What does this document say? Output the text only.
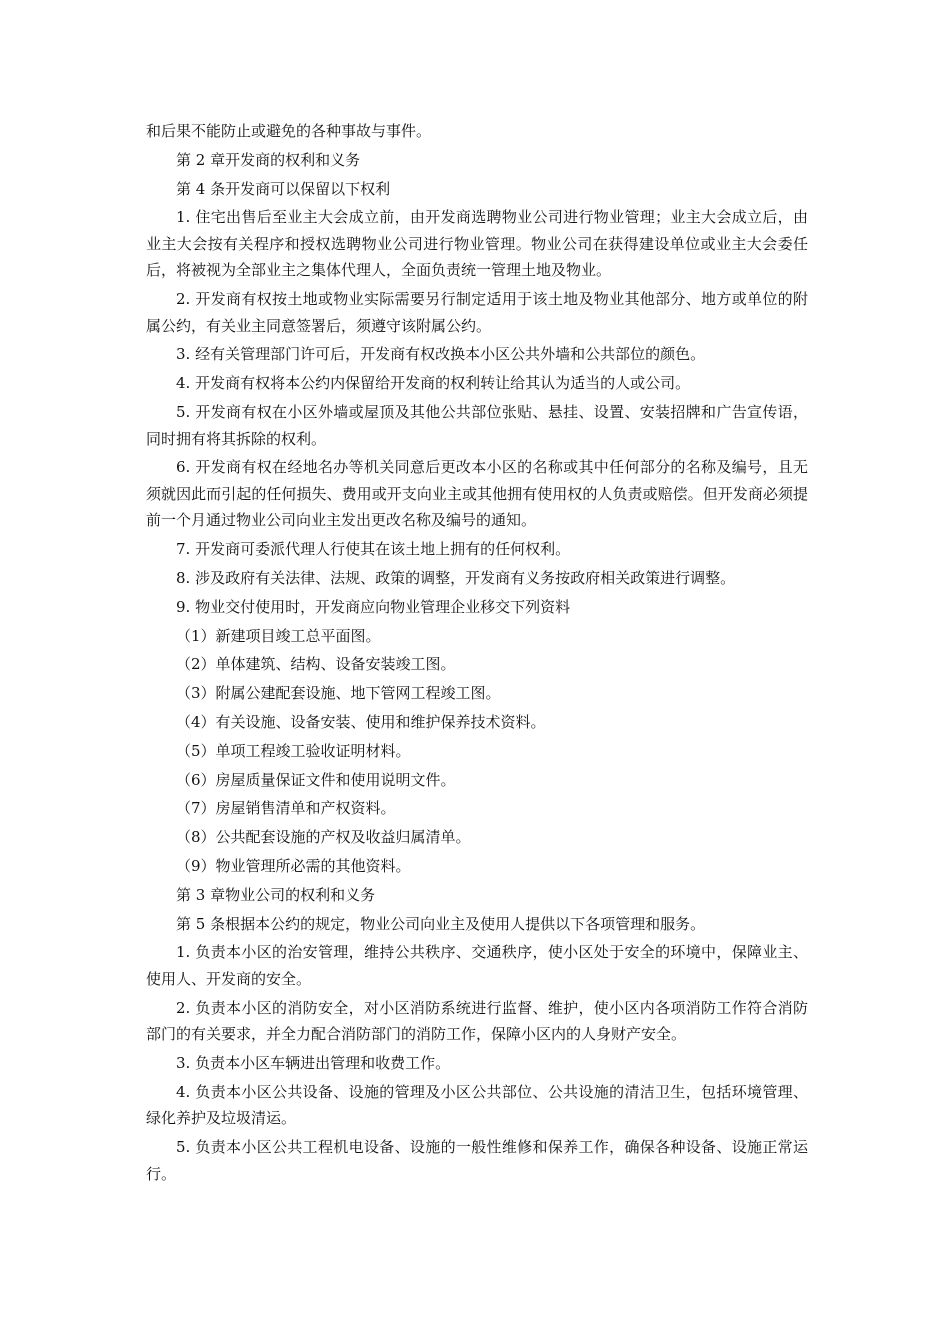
和后果不能防止或避免的各种事故与事件。

第 2 章开发商的权利和义务

第 4 条开发商可以保留以下权利

1. 住宅出售后至业主大会成立前，由开发商选聘物业公司进行物业管理；业主大会成立后，由业主大会按有关程序和授权选聘物业公司进行物业管理。物业公司在获得建设单位或业主大会委任后，将被视为全部业主之集体代理人，全面负责统一管理土地及物业。

2. 开发商有权按土地或物业实际需要另行制定适用于该土地及物业其他部分、地方或单位的附属公约，有关业主同意签署后，须遵守该附属公约。

3. 经有关管理部门许可后，开发商有权改换本小区公共外墙和公共部位的颜色。

4. 开发商有权将本公约内保留给开发商的权利转让给其认为适当的人或公司。

5. 开发商有权在小区外墙或屋顶及其他公共部位张贴、悬挂、设置、安装招牌和广告宣传语，同时拥有将其拆除的权利。

6. 开发商有权在经地名办等机关同意后更改本小区的名称或其中任何部分的名称及编号，且无须就因此而引起的任何损失、费用或开支向业主或其他拥有使用权的人负责或赔偿。但开发商必须提前一个月通过物业公司向业主发出更改名称及编号的通知。

7. 开发商可委派代理人行使其在该土地上拥有的任何权利。

8. 涉及政府有关法律、法规、政策的调整，开发商有义务按政府相关政策进行调整。

9. 物业交付使用时，开发商应向物业管理企业移交下列资料

（1）新建项目竣工总平面图。

（2）单体建筑、结构、设备安装竣工图。

（3）附属公建配套设施、地下管网工程竣工图。

（4）有关设施、设备安装、使用和维护保养技术资料。

（5）单项工程竣工验收证明材料。

（6）房屋质量保证文件和使用说明文件。

（7）房屋销售清单和产权资料。

（8）公共配套设施的产权及收益归属清单。

（9）物业管理所必需的其他资料。

第 3 章物业公司的权利和义务

第 5 条根据本公约的规定，物业公司向业主及使用人提供以下各项管理和服务。

1. 负责本小区的治安管理，维持公共秩序、交通秩序，使小区处于安全的环境中，保障业主、使用人、开发商的安全。

2. 负责本小区的消防安全，对小区消防系统进行监督、维护，使小区内各项消防工作符合消防部门的有关要求，并全力配合消防部门的消防工作，保障小区内的人身财产安全。

3. 负责本小区车辆进出管理和收费工作。

4. 负责本小区公共设备、设施的管理及小区公共部位、公共设施的清洁卫生，包括环境管理、绿化养护及垃圾清运。

5. 负责本小区公共工程机电设备、设施的一般性维修和保养工作，确保各种设备、设施正常运行。
